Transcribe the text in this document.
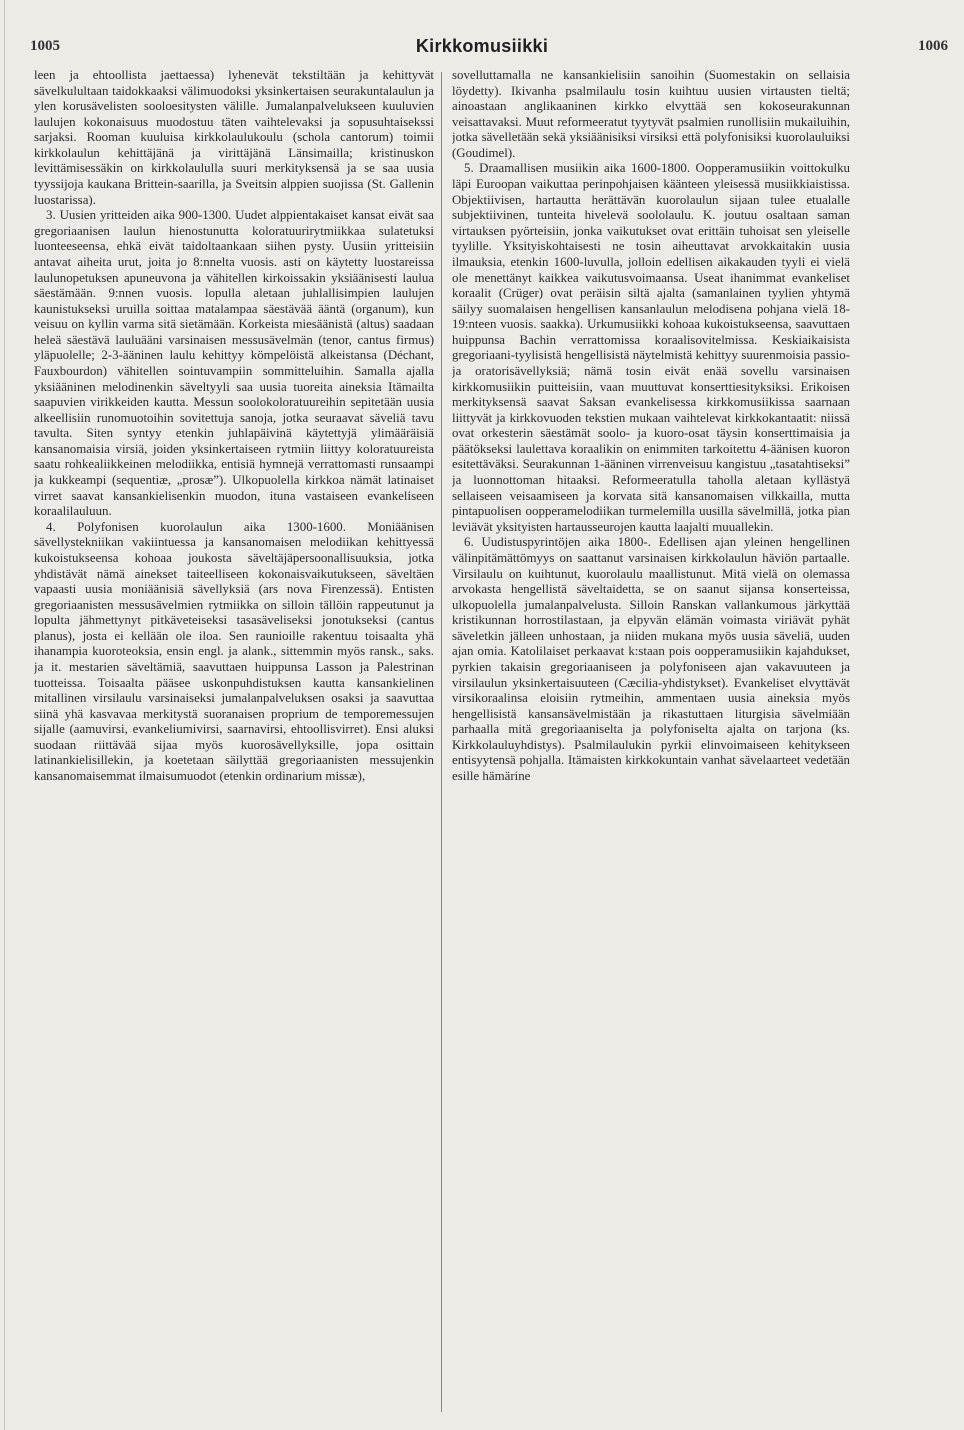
1005	Kirkkomusiikki	1006

leen ja ehtoollista jaettaessa) lyhenevät tekstiltään ja kehittyvät sävelkulultaan taidokkaaksi välimuodoksi yksinkertaisen seurakuntalaulun ja ylen korusävelisten sooloesitysten välille. Jumalanpalvelukseen kuuluvien laulujen kokonaisuus muodostuu täten vaihtelevaksi ja sopusuhtaisekssi sarjaksi. Rooman kuuluisa kirkkolaulukoulu (schola cantorum) toimii kirkkolaulun kehittäjänä ja virittäjänä Länsimailla; kristinuskon levittämisessäkin on kirkkolaululla suuri merkityksensä ja se saa uusia tyyssijoja kaukana Brittein-saarilla, ja Sveitsin alppien suojissa (St. Gallenin luostarissa).

3. Uusien yritteiden aika 900-1300. Uudet alppientakaiset kansat eivät saa gregoriaanisen laulun hienostunutta koloratuurirytmiikkaa sulatetuksi luonteeseensa, ehkä eivät taidoltaankaan siihen pysty. Uusiin yritteisiin antavat aiheita urut, joita jo 8:nnelta vuosis. asti on käytetty luostareissa laulunopetuksen apuneuvona ja vähitellen kirkoissakin yksiäänisesti laulua säestämään. 9:nnen vuosis. lopulla aletaan juhlallisimpien laulujen kaunistukseksi uruilla soittaa matalampaa säestävää ääntä (organum), kun veisuu on kyllin varma sitä sietämään. Korkeista miesäänistä (altus) saadaan heleä säestävä lauluääni varsinaisen messusävelmän (tenor, cantus firmus) yläpuolelle; 2-3-ääninen laulu kehittyy kömpelöistä alkeistansa (Déchant, Fauxbourdon) vähitellen sointuvampiin sommitteluihin. Samalla ajalla yksiääninen melodinenkin säveltyyli saa uusia tuoreita aineksia Itämailta saapuvien virikkeiden kautta. Messun soolokoloratuureihin sepitetään uusia alkeellisiin runomuotoihin sovitettuja sanoja, jotka seuraavat säveliä tavu tavulta. Siten syntyy etenkin juhlapäivinä käytettyjä ylimääräisiä kansanomaisia virsiä, joiden yksinkertaiseen rytmiin liittyy koloratuureista saatu rohkealiikkeinen melodiikka, entisiä hymnejä verrattomasti runsaampi ja kukkeampi (sequentiæ, „prosæ”). Ulkopuolella kirkkoa nämät latinaiset virret saavat kansankielisenkin muodon, ituna vastaiseen evankeliseen koraalilauluun.

4. Polyfonisen kuorolaulun aika 1300-1600. Moniäänisen sävellystekniikan vakiintuessa ja kansanomaisen melodiikan kehittyessä kukoistukseensa kohoaa joukosta säveltäjäpersoonallisuuksia, jotka yhdistävät nämä ainekset taiteelliseen kokonaisvaikutukseen, säveltäen vapaasti uusia moniäänisiä sävellyksiä (ars nova Firenzessä). Entisten gregoriaanisten messusävelmien rytmiikka on silloin tällöin rappeutunut ja lopulta jähmettynyt pitkäveteiseksi tasasäveliseksi jonotukseksi (cantus planus), josta ei kellään ole iloa. Sen raunioille rakentuu toisaalta yhä ihanampia kuoroteoksia, ensin engl. ja alank., sittemmin myös ransk., saks. ja it. mestarien säveltämiä, saavuttaen huippunsa Lasson ja Palestrinan tuotteissa. Toisaalta pääsee uskonpuhdistuksen kautta kansankielinen mitallinen virsilaulu varsinaiseksi jumalanpalveluksen osaksi ja saavuttaa siinä yhä kasvavaa merkitystä suoranaisen proprium de temporemessujen sijalle (aamuvirsi, evankeliumivirsi, saarnavirsi, ehtoollisvirret). Ensi aluksi suodaan riittävää sijaa myös kuorosävellyksille, jopa osittain latinankielisillekin, ja koetetaan säilyttää gregoriaanisten messujenkin kansanomaisemmat ilmaisumuodot (etenkin ordinarium missæ),

sovelluttamalla ne kansankielisiin sanoihin (Suomestakin on sellaisia löydetty). Ikivanha psalmilaulu tosin kuihtuu uusien virtausten tieltä; ainoastaan anglikaaninen kirkko elvyttää sen kokoseurakunnan veisattavaksi. Muut reformeeratut tyytyvät psalmien runollisiin mukailuihin, jotka sävelletään sekä yksiäänisiksi virsiksi että polyfonisiksi kuorolauluiksi (Goudimel).

5. Draamallisen musiikin aika 1600-1800. Oopperamusiikin voittokulku läpi Euroopan vaikuttaa perinpohjaisen käänteen yleisessä musiikkiaistissa. Objektiivisen, hartautta herättävän kuorolaulun sijaan tulee etualalle subjektiivinen, tunteita hivelevä soololaulu. K. joutuu osaltaan saman virtauksen pyörteisiin, jonka vaikutukset ovat erittäin tuhoisat sen yleiselle tyylille. Yksityiskohtaisesti ne tosin aiheuttavat arvokkaitakin uusia ilmauksia, etenkin 1600-luvulla, jolloin edellisen aikakauden tyyli ei vielä ole menettänyt kaikkea vaikutusvoimaansa. Useat ihanimmat evankeliset koraalit (Crüger) ovat peräisin siltä ajalta (samanlainen tyylien yhtymä säilyy suomalaisen hengellisen kansanlaulun melodisena pohjana vielä 18-19:nteen vuosis. saakka). Urkumusiikki kohoaa kukoistukseensa, saavuttaen huippunsa Bachin verrattomissa koraalisovitelmissa. Keskiaikaisista gregoriaani-tyylisistä hengellisistä näytelmistä kehittyy suurenmoisia passio- ja oratorisävellyksiä; nämä tosin eivät enää sovellu varsinaisen kirkkomusiikin puitteisiin, vaan muuttuvat konserttiesityksiksi. Erikoisen merkityksensä saavat Saksan evankelisessa kirkkomusiikissa saarnaan liittyvät ja kirkkovuoden tekstien mukaan vaihtelevat kirkkokantaatit: niissä ovat orkesterin säestämät soolo- ja kuoro-osat täysin konserttimaisia ja päätökseksi laulettava koraalikin on enimmiten tarkoitettu 4-äänisen kuoron esitettäväksi. Seurakunnan 1-ääninen virrenveisuu kangistuu „tasatahtiseksi” ja luonnottoman hitaaksi. Reformeeratulla taholla aletaan kyllästyä sellaiseen veisaamiseen ja korvata sitä kansanomaisen vilkkailla, mutta pintapuolisen oopperamelodiikan turmelemilla uusilla sävelmillä, jotka pian leviävät yksityisten hartausseurojen kautta laajalti muuallekin.

6. Uudistuspyrintöjen aika 1800-. Edellisen ajan yleinen hengellinen välinpitämättömyys on saattanut varsinaisen kirkkolaulun häviön partaalle. Virsilaulu on kuihtunut, kuorolaulu maallistunut. Mitä vielä on olemassa arvokasta hengellistä säveltaidetta, se on saanut sijansa konserteissa, ulkopuolella jumalanpalvelusta. Silloin Ranskan vallankumous järkyttää kristikunnan horrostilastaan, ja elpyvän elämän voimasta viriävät pyhät säveletkin jälleen unhostaan, ja niiden mukana myös uusia säveliä, uuden ajan omia. Katolilaiset perkaavat k:staan pois oopperamusiikin kajahdukset, pyrkien takaisin gregoriaaniseen ja polyfoniseen ajan vakavuuteen ja virsilaulun yksinkertaisuuteen (Cæcilia-yhdistykset). Evankeliset elvyttävät virsikoraalinsa eloisiin rytmeihin, ammentaen uusia aineksia myös hengellisistä kansansävelmistään ja rikastuttaen liturgisia sävelmiään parhaalla mitä gregoriaaniselta ja polyfoniselta ajalta on tarjona (ks. Kirkkolauluyhdistys). Psalmilaulukin pyrkii elinvoimaiseen kehitykseen entisyytensä pohjalla. Itämaisten kirkkokuntain vanhat sävelaarteet vedetään esille hämärine
